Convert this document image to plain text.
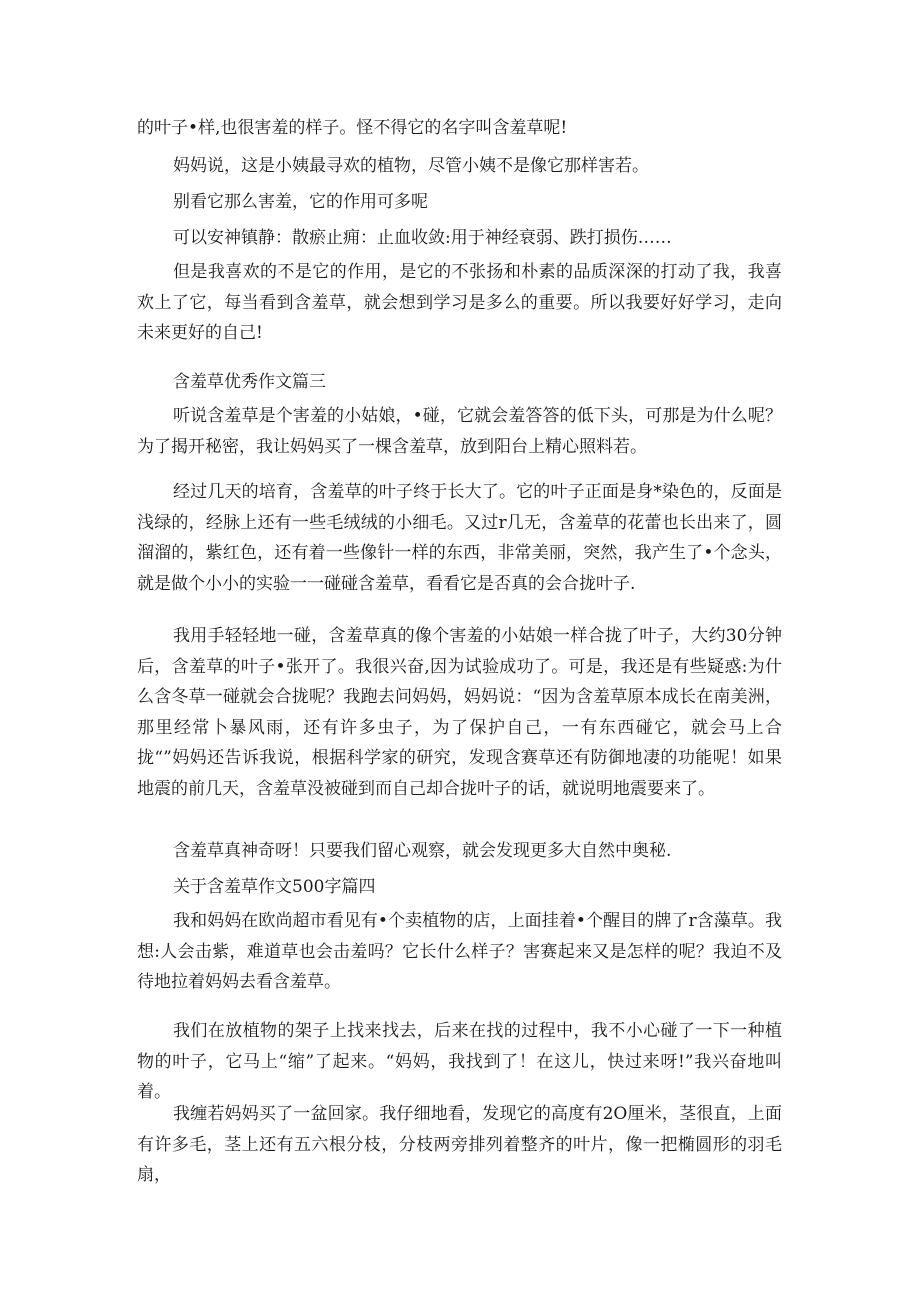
的叶子•样,也很害羞的样子。怪不得它的名字叫含羞草呢!

妈妈说，这是小姨最寻欢的植物，尽管小姨不是像它那样害若。

别看它那么害羞，它的作用可多呢

可以安神镇静：散瘀止痈：止血收敛:用于神经衰弱、跌打损伤……

但是我喜欢的不是它的作用，是它的不张扬和朴素的品质深深的打动了我，我喜欢上了它，每当看到含羞草，就会想到学习是多么的重要。所以我要好好学习，走向未来更好的自己!

含羞草优秀作文篇三

听说含羞草是个害羞的小姑娘，•碰，它就会羞答答的低下头，可那是为什么呢？为了揭开秘密，我让妈妈买了一棵含羞草，放到阳台上精心照料若。

经过几天的培育，含羞草的叶子终于长大了。它的叶子正面是身*染色的，反面是浅绿的，经脉上还有一些毛绒绒的小细毛。又过r几无，含羞草的花蕾也长出来了，圆溜溜的，紫红色，还有着一些像针一样的东西，非常美丽，突然，我产生了•个念头，就是做个小小的实验一一碰碰含羞草，看看它是否真的会合拢叶子.

我用手轻轻地一碰，含羞草真的像个害羞的小姑娘一样合拢了叶子，大约30分钟后，含羞草的叶子•张开了。我很兴奋,因为试验成功了。可是，我还是有些疑惑:为什么含冬草一碰就会合拢呢？我跑去问妈妈，妈妈说：“因为含羞草原本成长在南美洲，那里经常卜暴风雨，还有许多虫子，为了保护自己，一有东西碰它，就会马上合拢“”妈妈还告诉我说，根据科学家的研究，发现含赛草还有防御地凄的功能呢！如果地震的前几天，含羞草没被碰到而自己却合拢叶子的话，就说明地震要来了。

含羞草真神奇呀！只要我们留心观察，就会发现更多大自然中奥秘.

关于含羞草作文500字篇四

我和妈妈在欧尚超市看见有•个卖植物的店，上面挂着•个醒目的牌了r含藻草。我想:人会击紫，难道草也会击羞吗？它长什么样子？害赛起来又是怎样的呢？我迫不及待地拉着妈妈去看含羞草。

我们在放植物的架子上找来找去，后来在找的过程中，我不小心碰了一下一种植物的叶子，它马上“缩”了起来。“妈妈，我找到了！在这儿，快过来呀!”我兴奋地叫着。

我缠若妈妈买了一盆回家。我仔细地看，发现它的高度有2O厘米，茎很直，上面有许多毛，茎上还有五六根分枝，分枝两旁排列着整齐的叶片，像一把椭圆形的羽毛扇，
